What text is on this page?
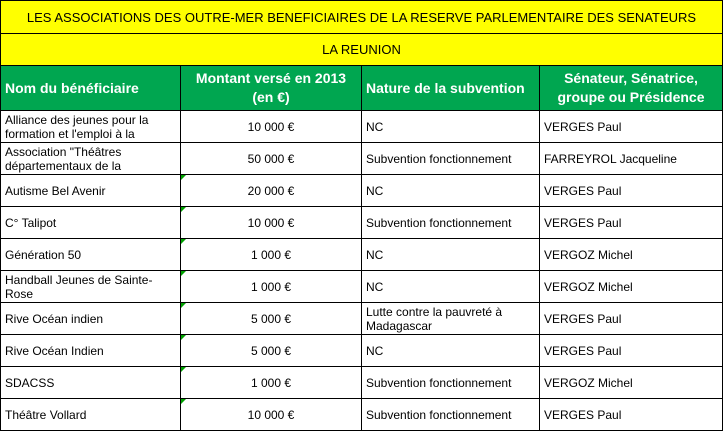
LES ASSOCIATIONS DES OUTRE-MER BENEFICIAIRES DE LA RESERVE PARLEMENTAIRE DES SENATEURS			
LA REUNION			
Nom du bénéficiaire	Montant versé en 2013 (en €)	Nature de la subvention	Sénateur, Sénatrice, groupe ou Présidence

Alliance des jeunes pour la formation et l'emploi à la	10 000 €	NC	VERGES Paul

Association "Théâtres départementaux de la	50 000 €	Subvention fonctionnement	FARREYROL Jacqueline

Autisme Bel Avenir	20 000 €	NC	VERGES Paul

C° Talipot	10 000 €	Subvention fonctionnement	VERGES Paul

Génération 50	1 000 €	NC	VERGOZ Michel

Handball Jeunes de Sainte-Rose	1 000 €	NC	VERGOZ Michel

Rive Océan indien	5 000 €	Lutte contre la pauvreté à Madagascar	VERGES Paul

Rive Océan Indien	5 000 €	NC	VERGES Paul

SDACSS	1 000 €	Subvention fonctionnement	VERGOZ Michel

Théâtre Vollard	10 000 €	Subvention fonctionnement	VERGES Paul
